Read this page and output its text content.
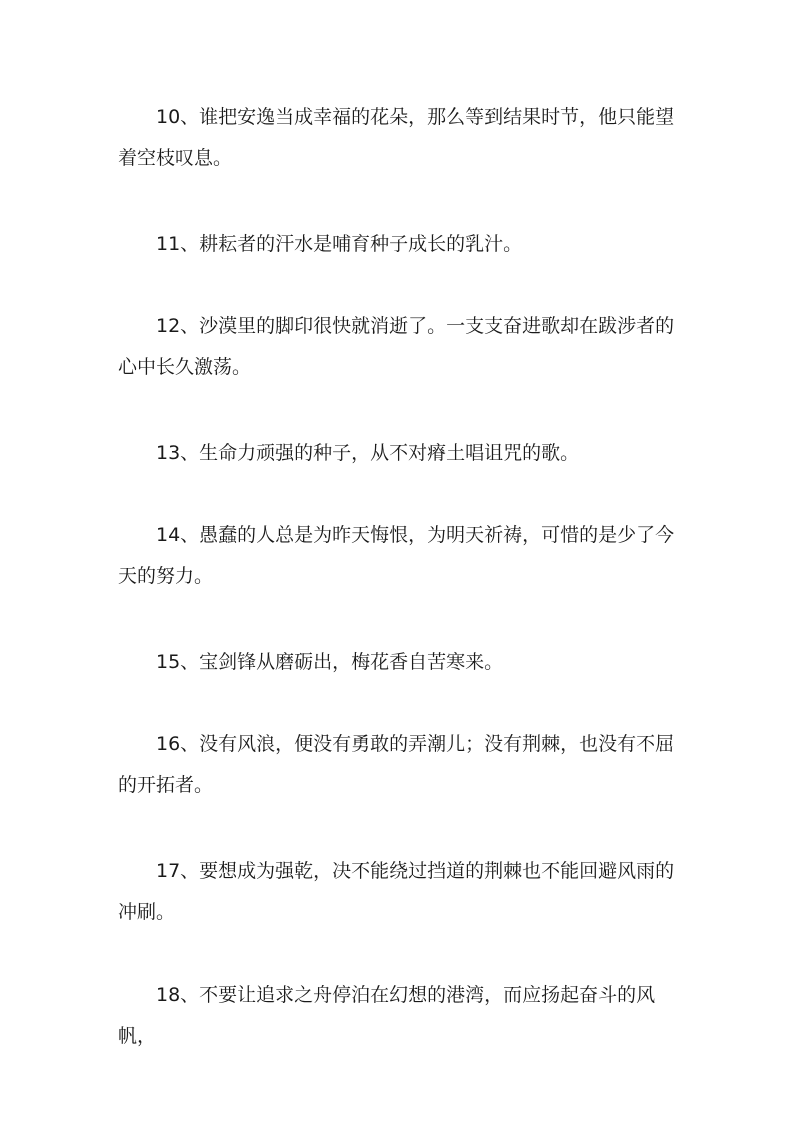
10、谁把安逸当成幸福的花朵，那么等到结果时节，他只能望着空枝叹息。

11、耕耘者的汗水是哺育种子成长的乳汁。

12、沙漠里的脚印很快就消逝了。一支支奋进歌却在跋涉者的心中长久激荡。

13、生命力顽强的种子，从不对瘠土唱诅咒的歌。

14、愚蠢的人总是为昨天悔恨，为明天祈祷，可惜的是少了今天的努力。

15、宝剑锋从磨砺出，梅花香自苦寒来。

16、没有风浪，便没有勇敢的弄潮儿；没有荆棘，也没有不屈的开拓者。

17、要想成为强乾，决不能绕过挡道的荆棘也不能回避风雨的冲刷。

18、不要让追求之舟停泊在幻想的港湾，而应扬起奋斗的风帆，
